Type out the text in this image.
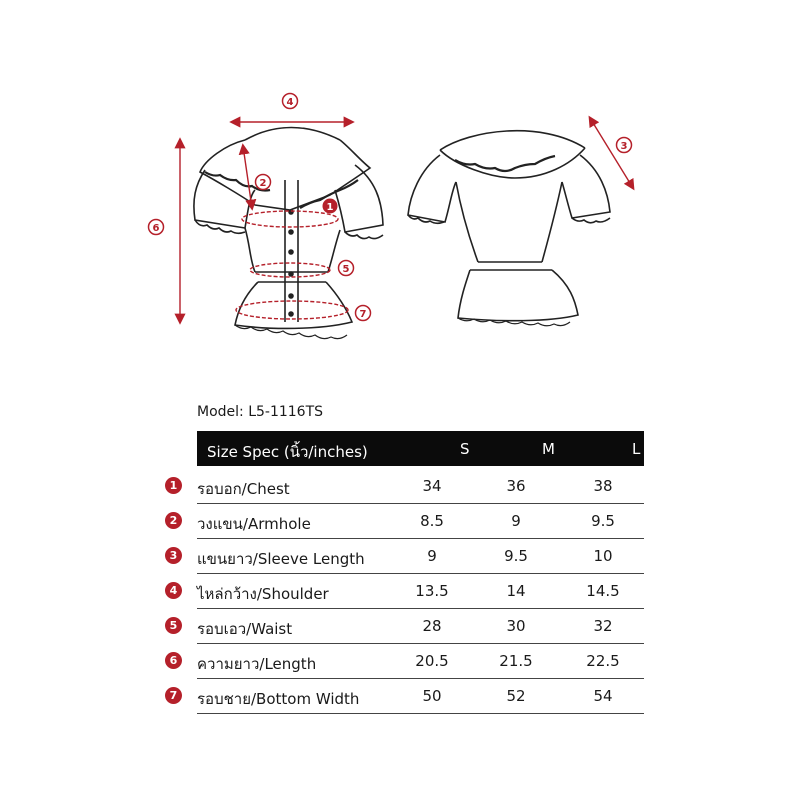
1
2
3
4
5
6
7
Model: L5-1116TS
Size Spec (นิ้ว/inches)	S	M	L
1	รอบอก/Chest	34	36	38
2	วงแขน/Armhole	8.5	9	9.5
3	แขนยาว/Sleeve Length	9	9.5	10
4	ไหล่กว้าง/Shoulder	13.5	14	14.5
5	รอบเอว/Waist	28	30	32
6	ความยาว/Length	20.5	21.5	22.5
7	รอบชาย/Bottom Width	50	52	54
